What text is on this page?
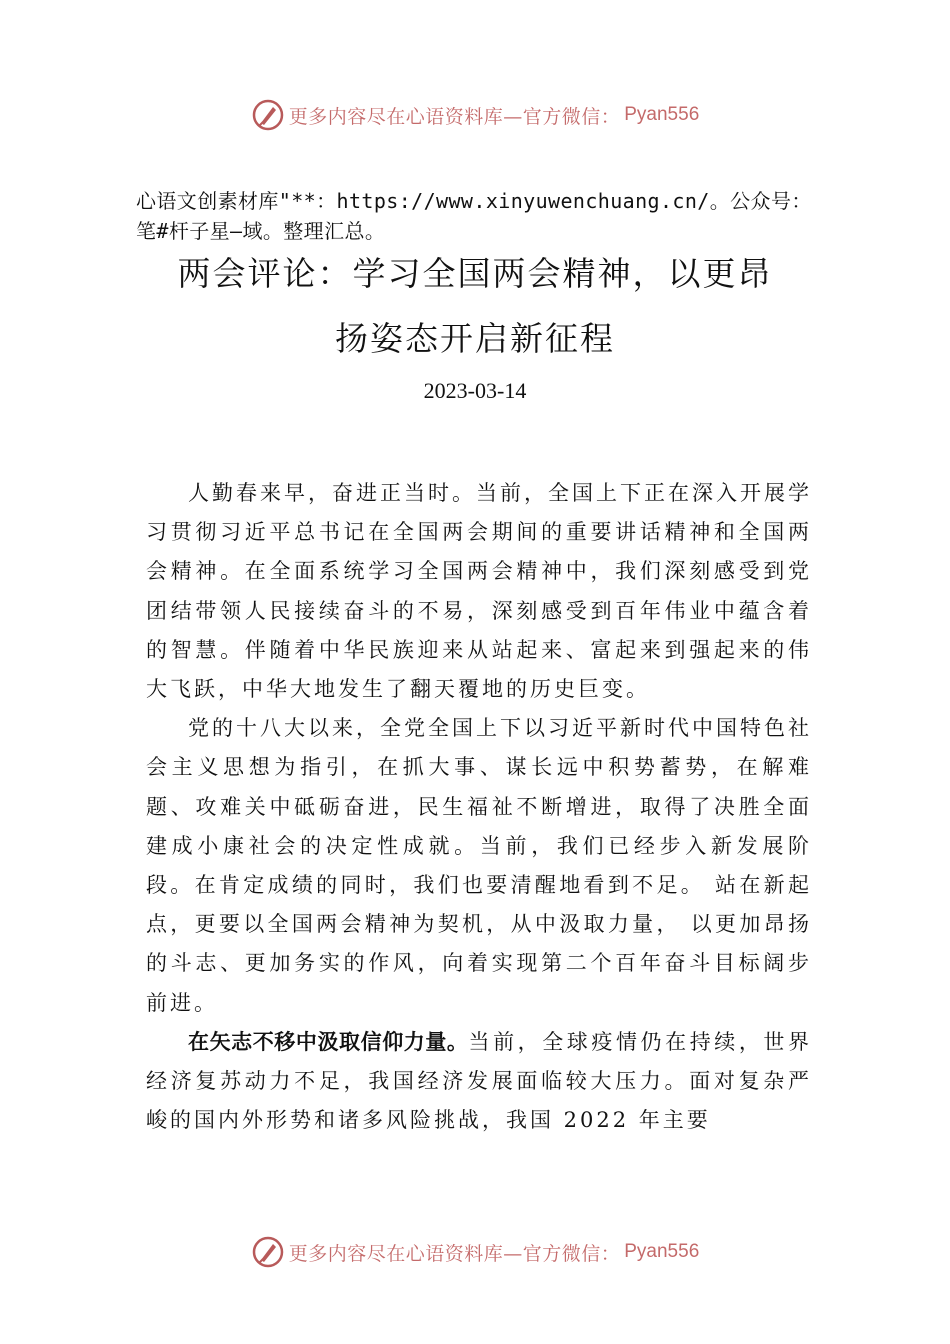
更多内容尽在心语资料库—官方微信： Pyan556
心语文创素材库"**：https://www.xinyuwenchuang.cn/。公众号：笔#杆子星—域。整理汇总。
两会评论：学习全国两会精神，以更昂
扬姿态开启新征程
2023-03-14

人勤春来早，奋进正当时。当前，全国上下正在深入开展学习贯彻习近平总书记在全国两会期间的重要讲话精神和全国两会精神。在全面系统学习全国两会精神中，我们深刻感受到党团结带领人民接续奋斗的不易，深刻感受到百年伟业中蕴含着的智慧。伴随着中华民族迎来从站起来、富起来到强起来的伟大飞跃，中华大地发生了翻天覆地的历史巨变。

党的十八大以来，全党全国上下以习近平新时代中国特色社会主义思想为指引，在抓大事、谋长远中积势蓄势，在解难题、攻难关中砥砺奋进，民生福祉不断增进，取得了决胜全面建成小康社会的决定性成就。当前，我们已经步入新发展阶段。在肯定成绩的同时，我们也要清醒地看到不足。 站在新起点，更要以全国两会精神为契机，从中汲取力量， 以更加昂扬的斗志、更加务实的作风，向着实现第二个百年奋斗目标阔步前进。

在矢志不移中汲取信仰力量。当前，全球疫情仍在持续，世界经济复苏动力不足，我国经济发展面临较大压力。面对复杂严峻的国内外形势和诸多风险挑战，我国 2022 年主要

更多内容尽在心语资料库—官方微信： Pyan556
